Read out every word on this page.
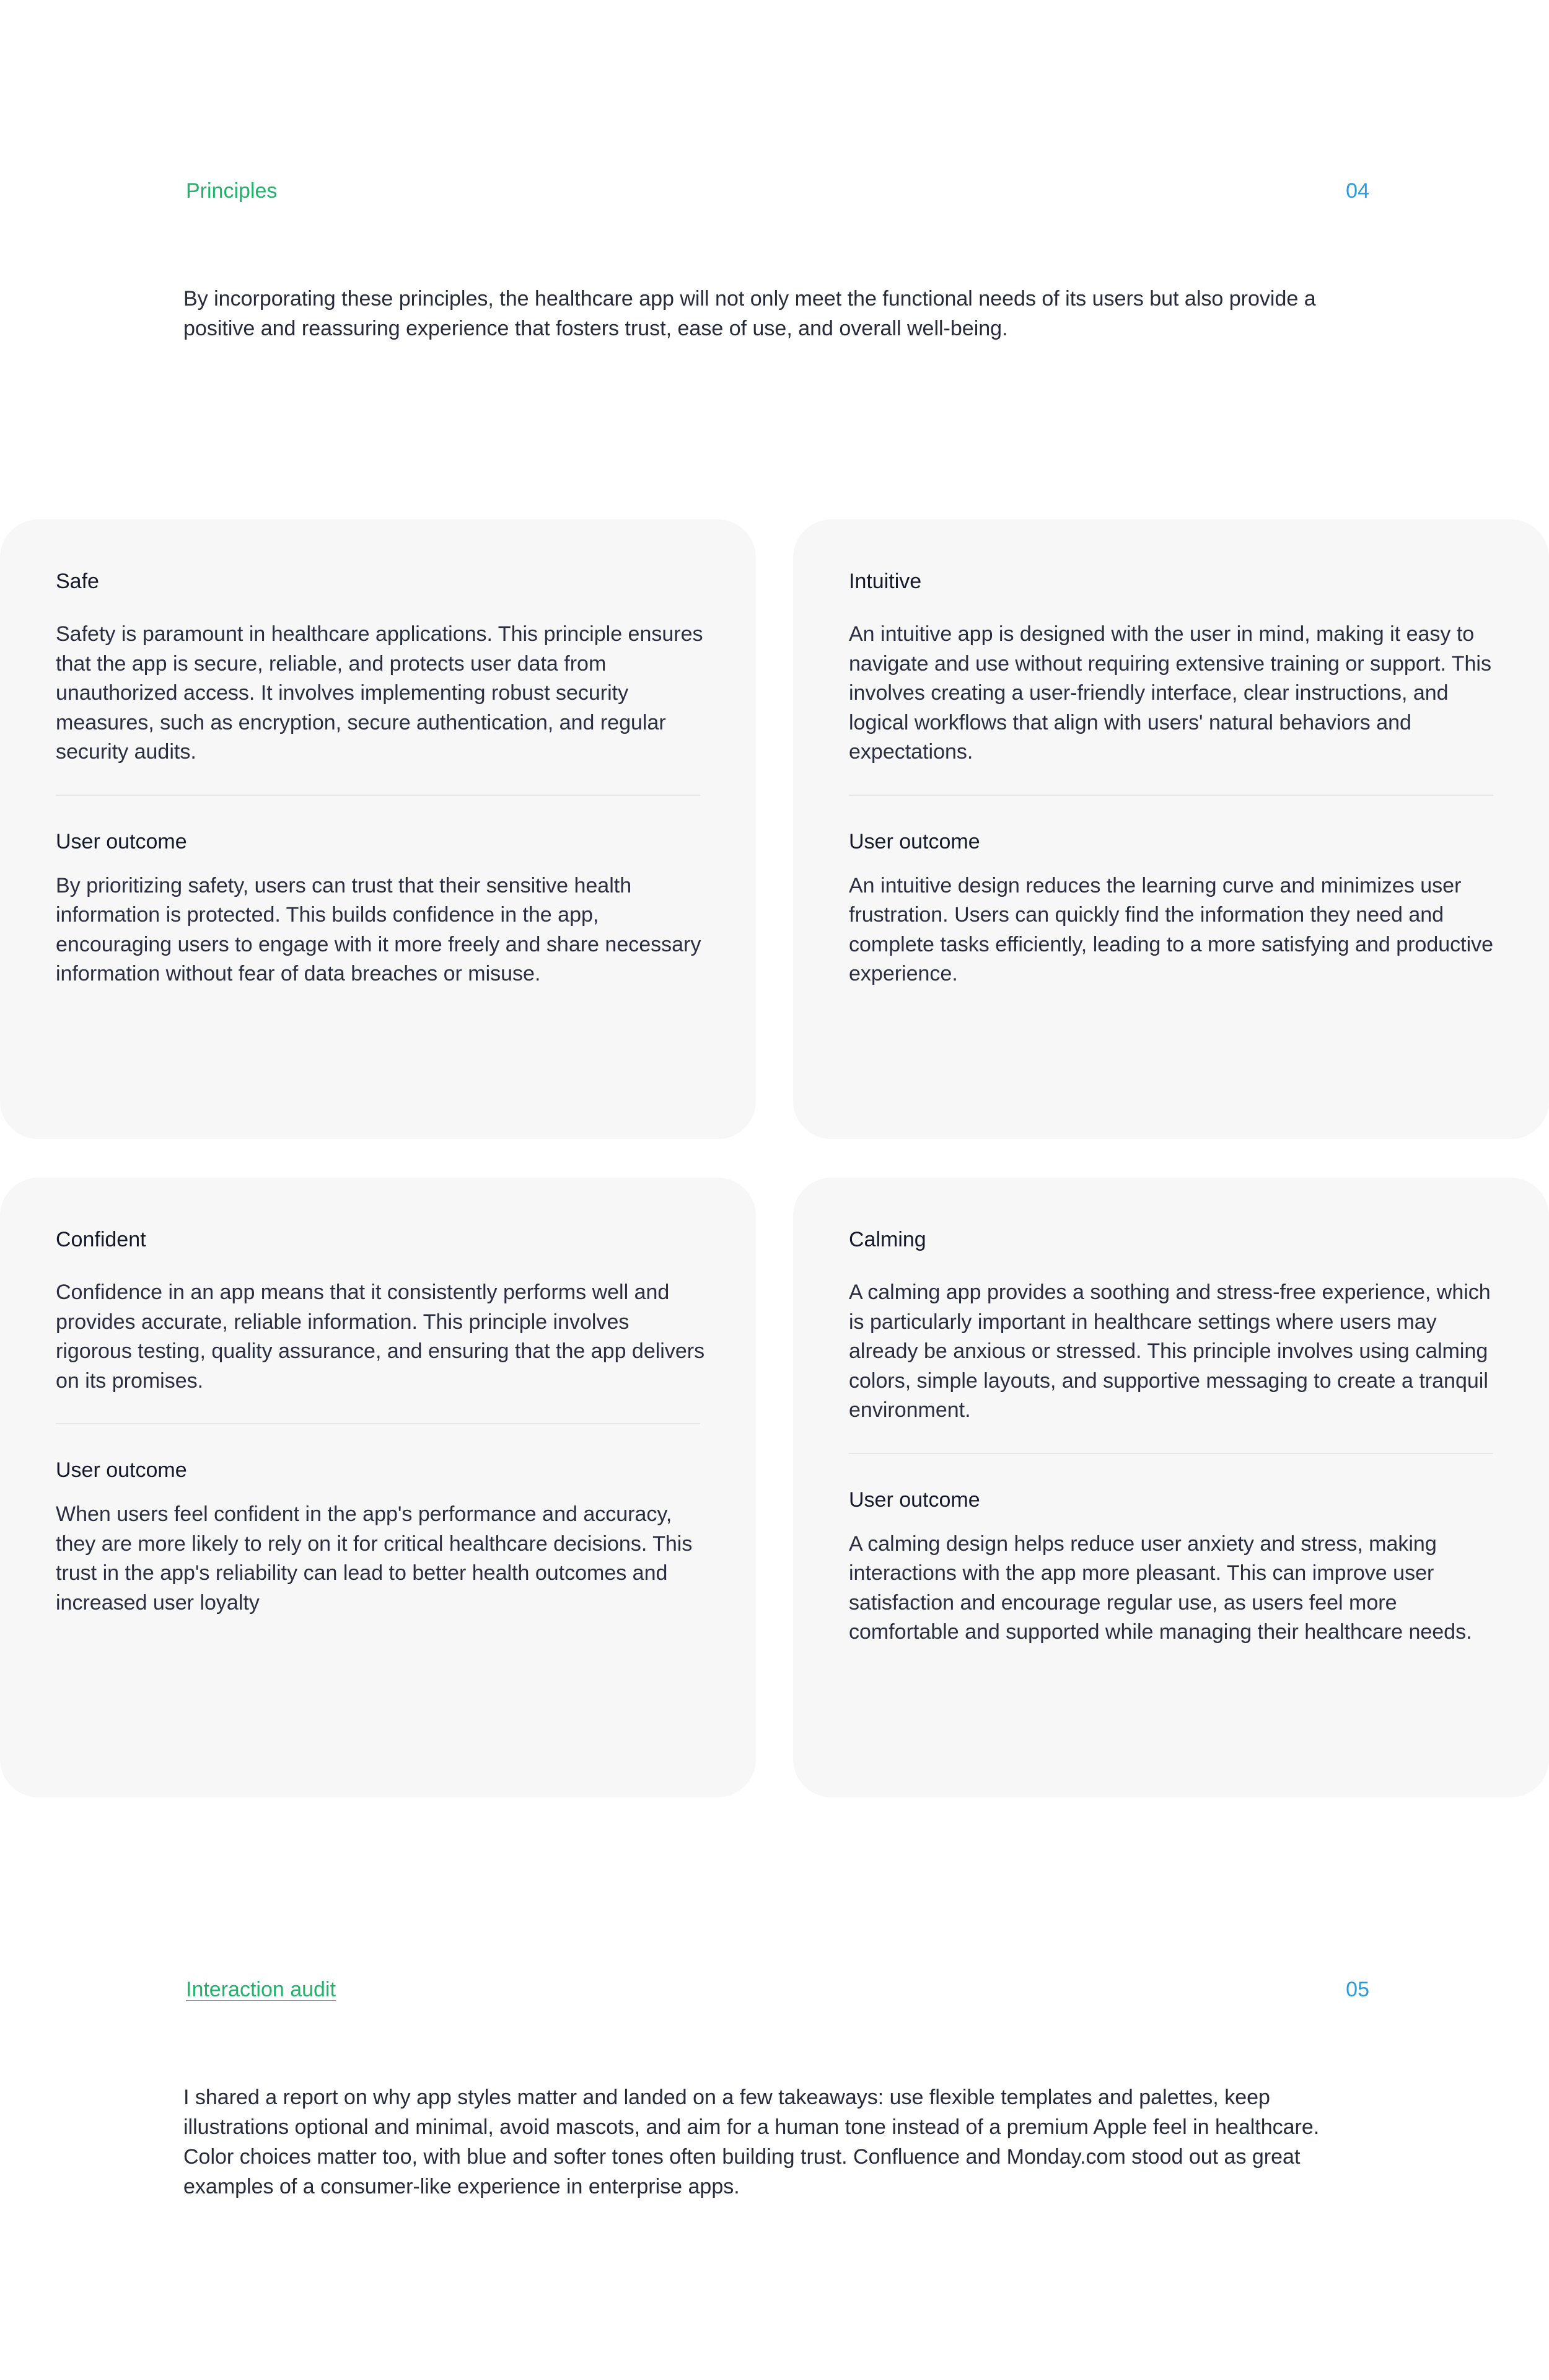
Principles	04

By incorporating these principles, the healthcare app will not only meet the functional needs of its users but also provide a positive and reassuring experience that fosters trust, ease of use, and overall well-being.

Safe

Safety is paramount in healthcare applications. This principle ensures that the app is secure, reliable, and protects user data from unauthorized access. It involves implementing robust security measures, such as encryption, secure authentication, and regular security audits.

User outcome

By prioritizing safety, users can trust that their sensitive health information is protected. This builds confidence in the app, encouraging users to engage with it more freely and share necessary information without fear of data breaches or misuse.

Intuitive

An intuitive app is designed with the user in mind, making it easy to navigate and use without requiring extensive training or support. This involves creating a user-friendly interface, clear instructions, and logical workflows that align with users' natural behaviors and expectations.

User outcome

An intuitive design reduces the learning curve and minimizes user frustration. Users can quickly find the information they need and complete tasks efficiently, leading to a more satisfying and productive experience.

Confident

Confidence in an app means that it consistently performs well and provides accurate, reliable information. This principle involves rigorous testing, quality assurance, and ensuring that the app delivers on its promises.

User outcome

When users feel confident in the app's performance and accuracy, they are more likely to rely on it for critical healthcare decisions. This trust in the app's reliability can lead to better health outcomes and increased user loyalty

Calming

A calming app provides a soothing and stress-free experience, which is particularly important in healthcare settings where users may already be anxious or stressed. This principle involves using calming colors, simple layouts, and supportive messaging to create a tranquil environment.

User outcome

A calming design helps reduce user anxiety and stress, making interactions with the app more pleasant. This can improve user satisfaction and encourage regular use, as users feel more comfortable and supported while managing their healthcare needs.

Interaction audit	05

I shared a report on why app styles matter and landed on a few takeaways: use flexible templates and palettes, keep illustrations optional and minimal, avoid mascots, and aim for a human tone instead of a premium Apple feel in healthcare. Color choices matter too, with blue and softer tones often building trust. Confluence and Monday.com stood out as great examples of a consumer-like experience in enterprise apps.
